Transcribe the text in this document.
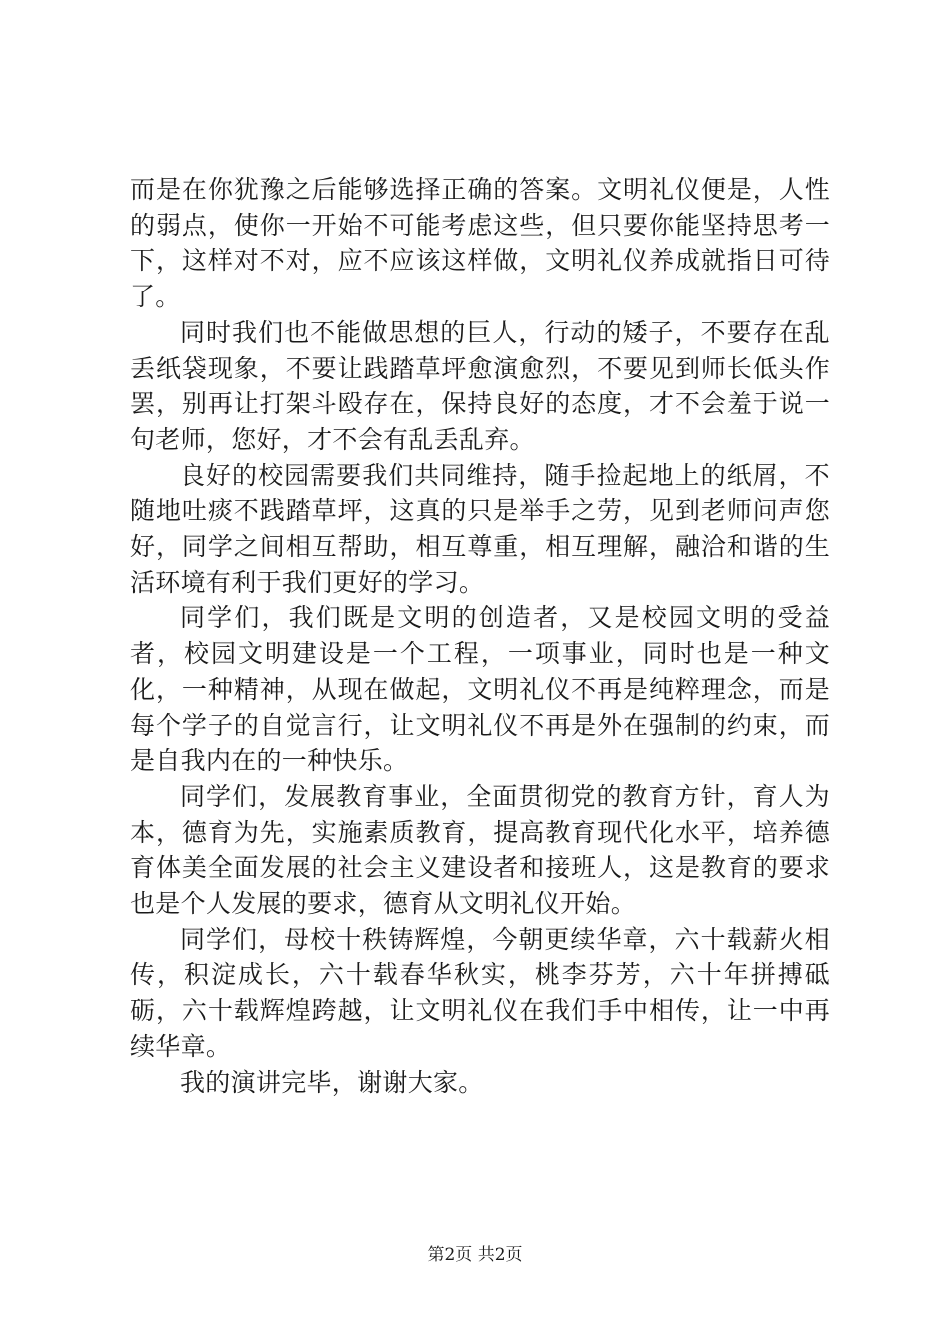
而是在你犹豫之后能够选择正确的答案。文明礼仪便是，人性的弱点，使你一开始不可能考虑这些，但只要你能坚持思考一下，这样对不对，应不应该这样做，文明礼仪养成就指日可待了。

同时我们也不能做思想的巨人，行动的矮子，不要存在乱丢纸袋现象，不要让践踏草坪愈演愈烈，不要见到师长低头作罢，别再让打架斗殴存在，保持良好的态度，才不会羞于说一句老师，您好，才不会有乱丢乱弃。

良好的校园需要我们共同维持，随手捡起地上的纸屑，不随地吐痰不践踏草坪，这真的只是举手之劳，见到老师问声您好，同学之间相互帮助，相互尊重，相互理解，融洽和谐的生活环境有利于我们更好的学习。

同学们，我们既是文明的创造者，又是校园文明的受益者，校园文明建设是一个工程，一项事业，同时也是一种文化，一种精神，从现在做起，文明礼仪不再是纯粹理念，而是每个学子的自觉言行，让文明礼仪不再是外在强制的约束，而是自我内在的一种快乐。

同学们，发展教育事业，全面贯彻党的教育方针，育人为本，德育为先，实施素质教育，提高教育现代化水平，培养德育体美全面发展的社会主义建设者和接班人，这是教育的要求也是个人发展的要求，德育从文明礼仪开始。

同学们，母校十秩铸辉煌，今朝更续华章，六十载薪火相传，积淀成长，六十载春华秋实，桃李芬芳，六十年拼搏砥砺，六十载辉煌跨越，让文明礼仪在我们手中相传，让一中再续华章。

我的演讲完毕，谢谢大家。

第2页 共2页
